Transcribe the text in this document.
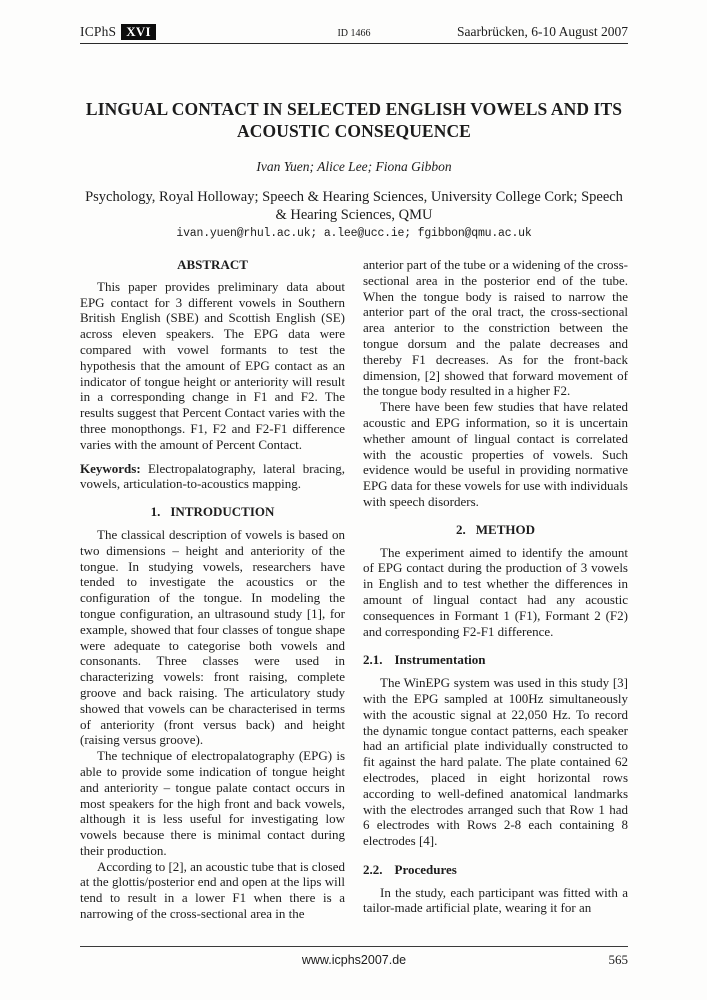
ICPhS XVI	ID 1466	Saarbrücken, 6-10 August 2007
LINGUAL CONTACT IN SELECTED ENGLISH VOWELS AND ITS ACOUSTIC CONSEQUENCE
Ivan Yuen; Alice Lee; Fiona Gibbon
Psychology, Royal Holloway; Speech & Hearing Sciences, University College Cork; Speech & Hearing Sciences, QMU
ivan.yuen@rhul.ac.uk; a.lee@ucc.ie; fgibbon@qmu.ac.uk
ABSTRACT

This paper provides preliminary data about EPG contact for 3 different vowels in Southern British English (SBE) and Scottish English (SE) across eleven speakers. The EPG data were compared with vowel formants to test the hypothesis that the amount of EPG contact as an indicator of tongue height or anteriority will result in a corresponding change in F1 and F2. The results suggest that Percent Contact varies with the three monopthongs. F1, F2 and F2-F1 difference varies with the amount of Percent Contact.

Keywords: Electropalatography, lateral bracing, vowels, articulation-to-acoustics mapping.

1. INTRODUCTION

The classical description of vowels is based on two dimensions – height and anteriority of the tongue. In studying vowels, researchers have tended to investigate the acoustics or the configuration of the tongue. In modeling the tongue configuration, an ultrasound study [1], for example, showed that four classes of tongue shape were adequate to categorise both vowels and consonants. Three classes were used in characterizing vowels: front raising, complete groove and back raising. The articulatory study showed that vowels can be characterised in terms of anteriority (front versus back) and height (raising versus groove).

The technique of electropalatography (EPG) is able to provide some indication of tongue height and anteriority – tongue palate contact occurs in most speakers for the high front and back vowels, although it is less useful for investigating low vowels because there is minimal contact during their production.

According to [2], an acoustic tube that is closed at the glottis/posterior end and open at the lips will tend to result in a lower F1 when there is a narrowing of the cross-sectional area in the

anterior part of the tube or a widening of the cross-sectional area in the posterior end of the tube. When the tongue body is raised to narrow the anterior part of the oral tract, the cross-sectional area anterior to the constriction between the tongue dorsum and the palate decreases and thereby F1 decreases. As for the front-back dimension, [2] showed that forward movement of the tongue body resulted in a higher F2.

There have been few studies that have related acoustic and EPG information, so it is uncertain whether amount of lingual contact is correlated with the acoustic properties of vowels. Such evidence would be useful in providing normative EPG data for these vowels for use with individuals with speech disorders.

2. METHOD

The experiment aimed to identify the amount of EPG contact during the production of 3 vowels in English and to test whether the differences in amount of lingual contact had any acoustic consequences in Formant 1 (F1), Formant 2 (F2) and corresponding F2-F1 difference.

2.1. Instrumentation

The WinEPG system was used in this study [3] with the EPG sampled at 100Hz simultaneously with the acoustic signal at 22,050 Hz. To record the dynamic tongue contact patterns, each speaker had an artificial plate individually constructed to fit against the hard palate. The plate contained 62 electrodes, placed in eight horizontal rows according to well-defined anatomical landmarks with the electrodes arranged such that Row 1 had 6 electrodes with Rows 2-8 each containing 8 electrodes [4].

2.2. Procedures

In the study, each participant was fitted with a tailor-made artificial plate, wearing it for an

www.icphs2007.de	565
